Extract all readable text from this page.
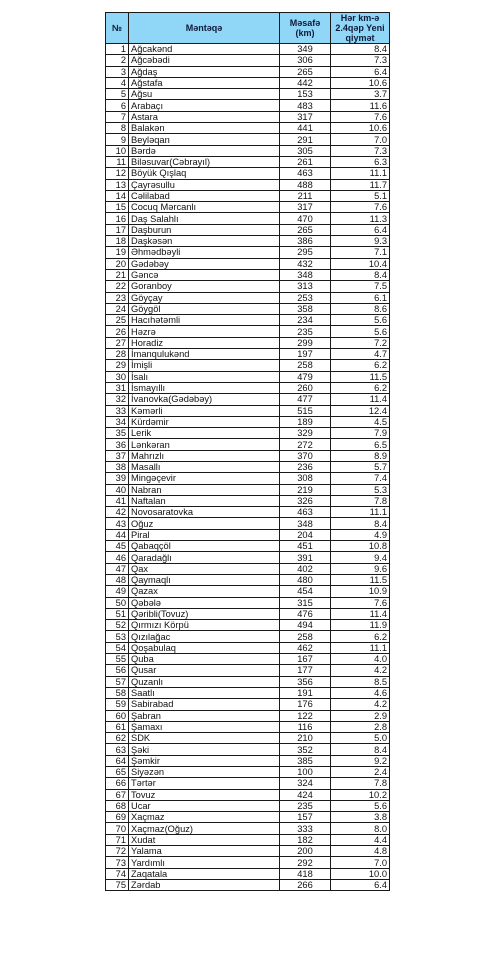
№	Məntəqə	Məsafə (km)	Hər km-ə 2.4qəp Yeni qiymət
1	Ağcakənd	349	8.4
2	Ağcəbədi	306	7.3
3	Ağdaş	265	6.4
4	Ağstafa	442	10.6
5	Ağsu	153	3.7
6	Arabaçı	483	11.6
7	Astara	317	7.6
8	Balakən	441	10.6
9	Beyləqan	291	7.0
10	Bərdə	305	7.3
11	Biləsuvar(Cəbrayıl)	261	6.3
12	Böyük Qışlaq	463	11.1
13	Çayrəsullu	488	11.7
14	Cəlilabad	211	5.1
15	Cocuq Mərcanlı	317	7.6
16	Daş Salahlı	470	11.3
17	Daşburun	265	6.4
18	Daşkəsən	386	9.3
19	Əhmədbəyli	295	7.1
20	Gədəbəy	432	10.4
21	Gəncə	348	8.4
22	Goranboy	313	7.5
23	Göyçay	253	6.1
24	Göygöl	358	8.6
25	Hacıhətəmli	234	5.6
26	Həzrə	235	5.6
27	Horadiz	299	7.2
28	İmanqulukənd	197	4.7
29	İmişli	258	6.2
30	İsalı	479	11.5
31	İsmayıllı	260	6.2
32	İvanovka(Gədəbəy)	477	11.4
33	Kəmərli	515	12.4
34	Kürdəmir	189	4.5
35	Lerik	329	7.9
36	Lənkəran	272	6.5
37	Mahrızlı	370	8.9
38	Masallı	236	5.7
39	Mingəçevir	308	7.4
40	Nabran	219	5.3
41	Naftalan	326	7.8
42	Novosaratovka	463	11.1
43	Oğuz	348	8.4
44	Piral	204	4.9
45	Qabaqçöl	451	10.8
46	Qaradağlı	391	9.4
47	Qax	402	9.6
48	Qaymaqlı	480	11.5
49	Qazax	454	10.9
50	Qəbələ	315	7.6
51	Qəribli(Tovuz)	476	11.4
52	Qırmızı Körpü	494	11.9
53	Qızılağac	258	6.2
54	Qoşabulaq	462	11.1
55	Quba	167	4.0
56	Qusar	177	4.2
57	Quzanlı	356	8.5
58	Saatlı	191	4.6
59	Sabirabad	176	4.2
60	Şabran	122	2.9
61	Şamaxı	116	2.8
62	SDK	210	5.0
63	Şəki	352	8.4
64	Şəmkir	385	9.2
65	Siyəzən	100	2.4
66	Tərtər	324	7.8
67	Tovuz	424	10.2
68	Ucar	235	5.6
69	Xaçmaz	157	3.8
70	Xaçmaz(Oğuz)	333	8.0
71	Xudat	182	4.4
72	Yalama	200	4.8
73	Yardımlı	292	7.0
74	Zaqatala	418	10.0
75	Zərdab	266	6.4
